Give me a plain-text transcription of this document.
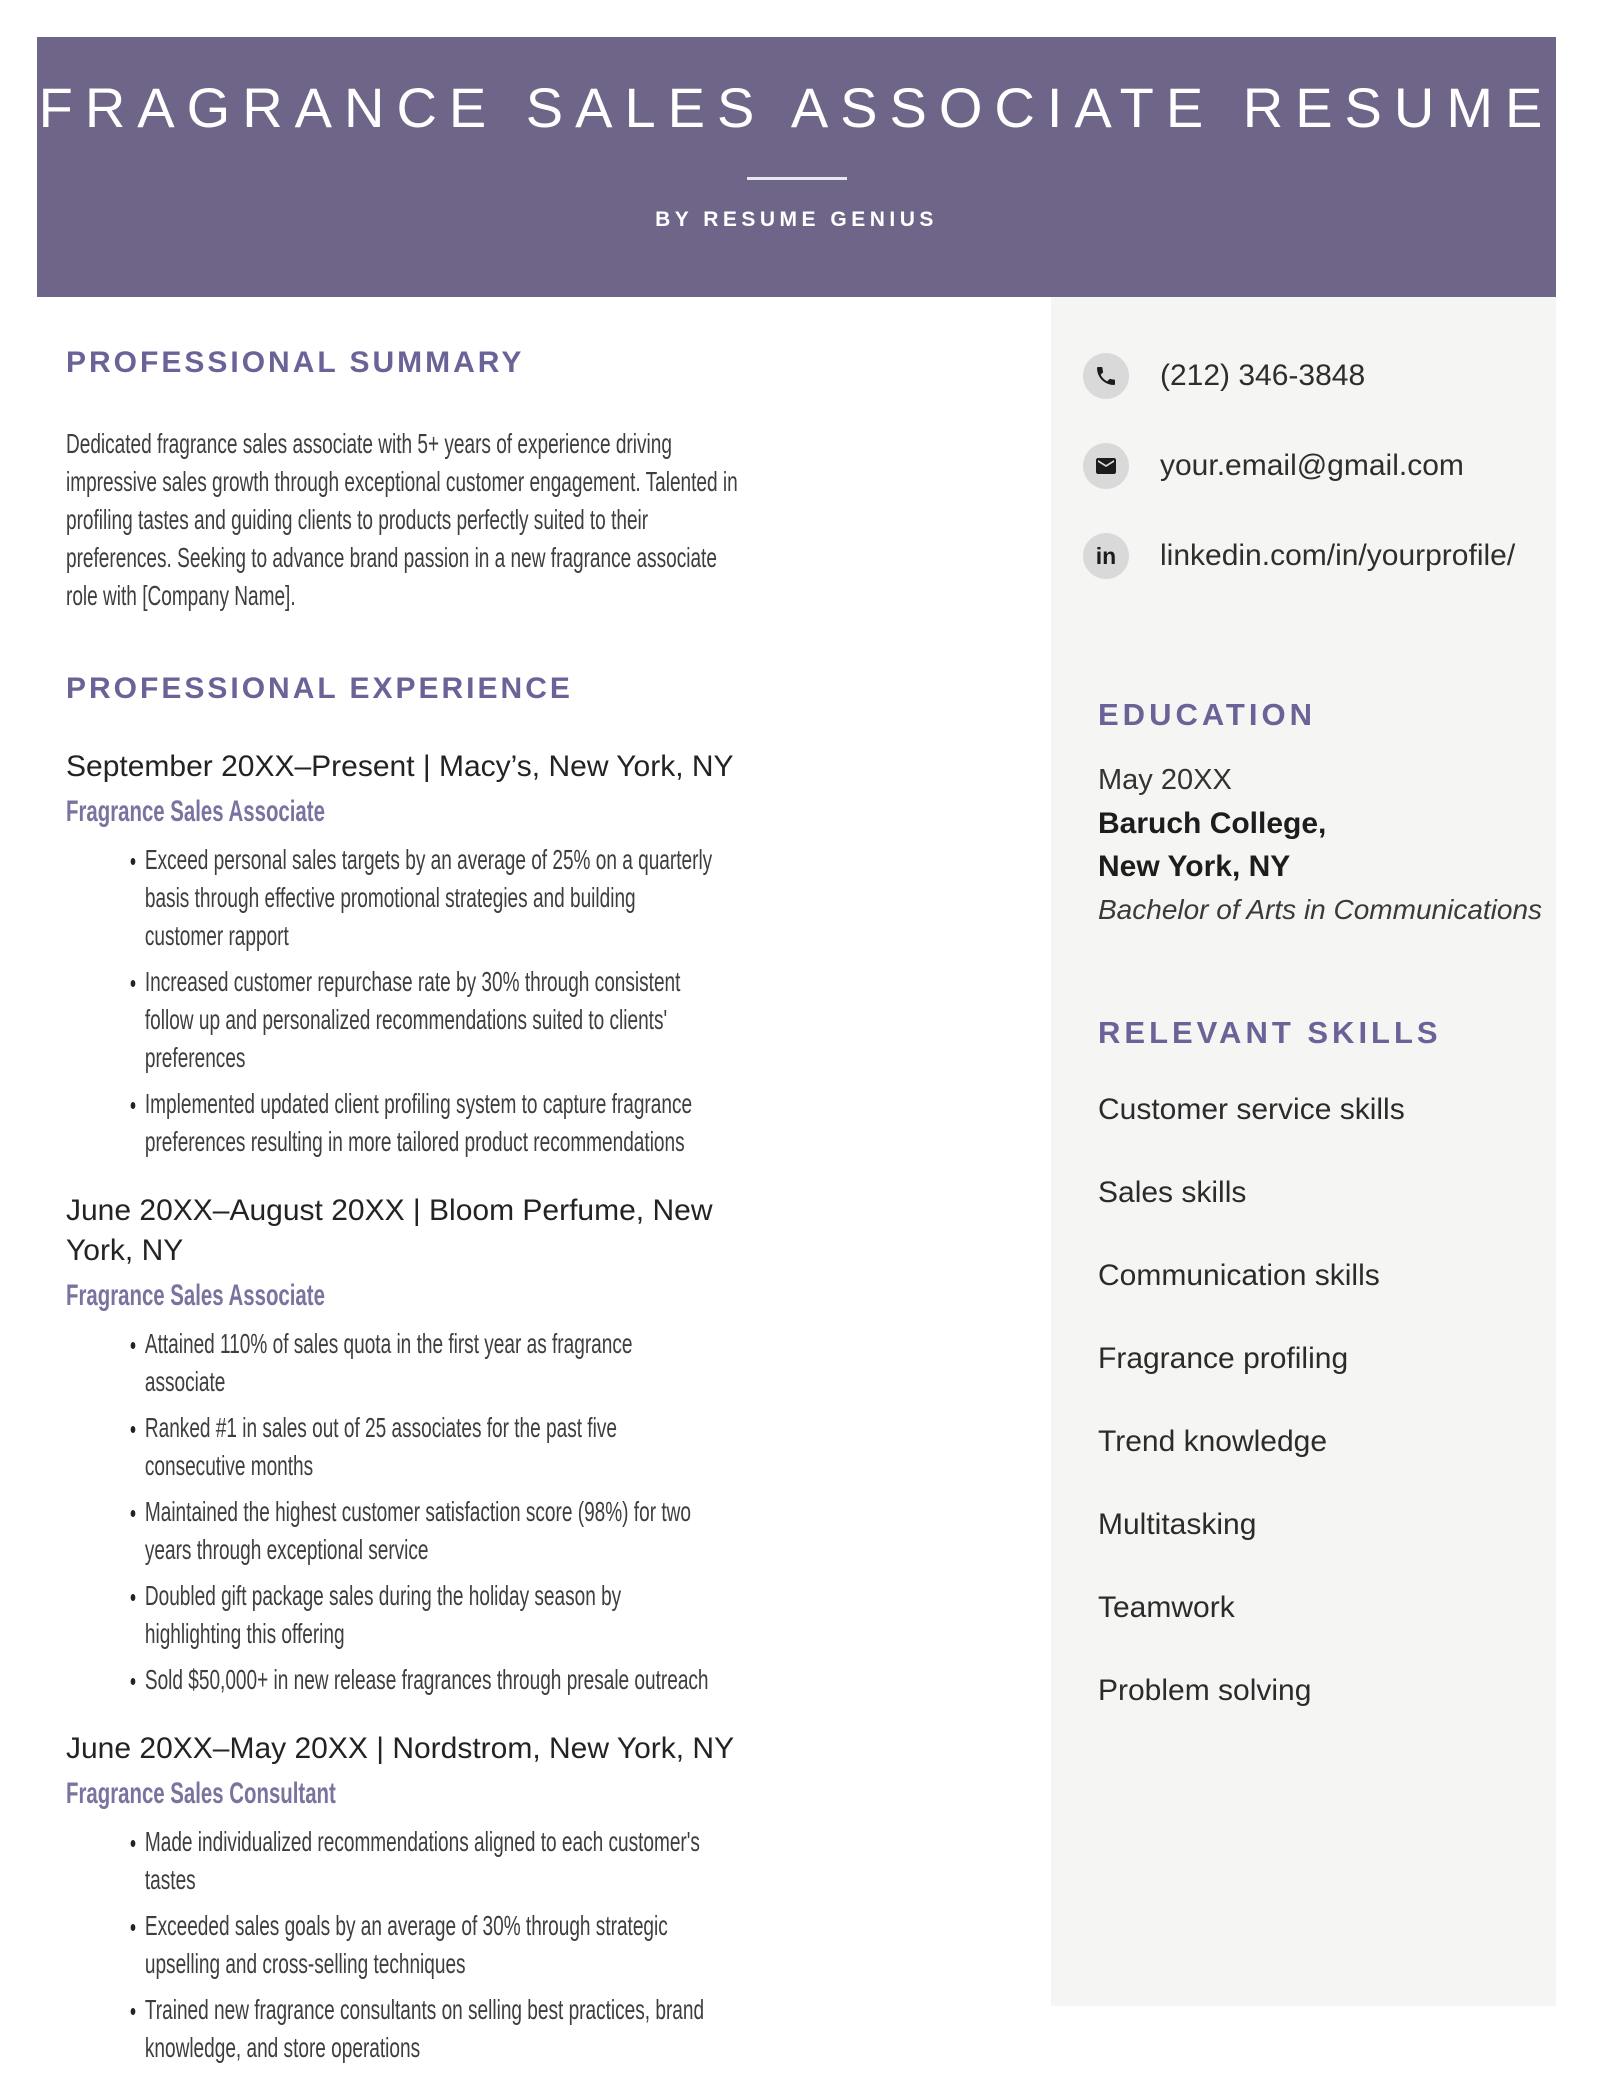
FRAGRANCE SALES ASSOCIATE RESUME
BY RESUME GENIUS
(212) 346-3848
your.email@gmail.com
in linkedin.com/in/yourprofile/
EDUCATION
May 20XX
Baruch College,
New York, NY
Bachelor of Arts in Communications
RELEVANT SKILLS
Customer service skills
Sales skills
Communication skills
Fragrance profiling
Trend knowledge
Multitasking
Teamwork
Problem solving
PROFESSIONAL SUMMARY

Dedicated fragrance sales associate with 5+ years of experience driving impressive sales growth through exceptional customer engagement. Talented in profiling tastes and guiding clients to products perfectly suited to their preferences. Seeking to advance brand passion in a new fragrance associate role with [Company Name].

PROFESSIONAL EXPERIENCE
September 20XX–Present | Macy’s, New York, NY
Fragrance Sales Associate
• Exceed personal sales targets by an average of 25% on a quarterly basis through effective promotional strategies and building customer rapport
• Increased customer repurchase rate by 30% through consistent follow up and personalized recommendations suited to clients' preferences
• Implemented updated client profiling system to capture fragrance preferences resulting in more tailored product recommendations
June 20XX–August 20XX | Bloom Perfume, New York, NY
Fragrance Sales Associate
• Attained 110% of sales quota in the first year as fragrance associate
• Ranked #1 in sales out of 25 associates for the past five consecutive months
• Maintained the highest customer satisfaction score (98%) for two years through exceptional service
• Doubled gift package sales during the holiday season by highlighting this offering
• Sold $50,000+ in new release fragrances through presale outreach
June 20XX–May 20XX | Nordstrom, New York, NY
Fragrance Sales Consultant
• Made individualized recommendations aligned to each customer's tastes
• Exceeded sales goals by an average of 30% through strategic upselling and cross-selling techniques
• Trained new fragrance consultants on selling best practices, brand knowledge, and store operations
